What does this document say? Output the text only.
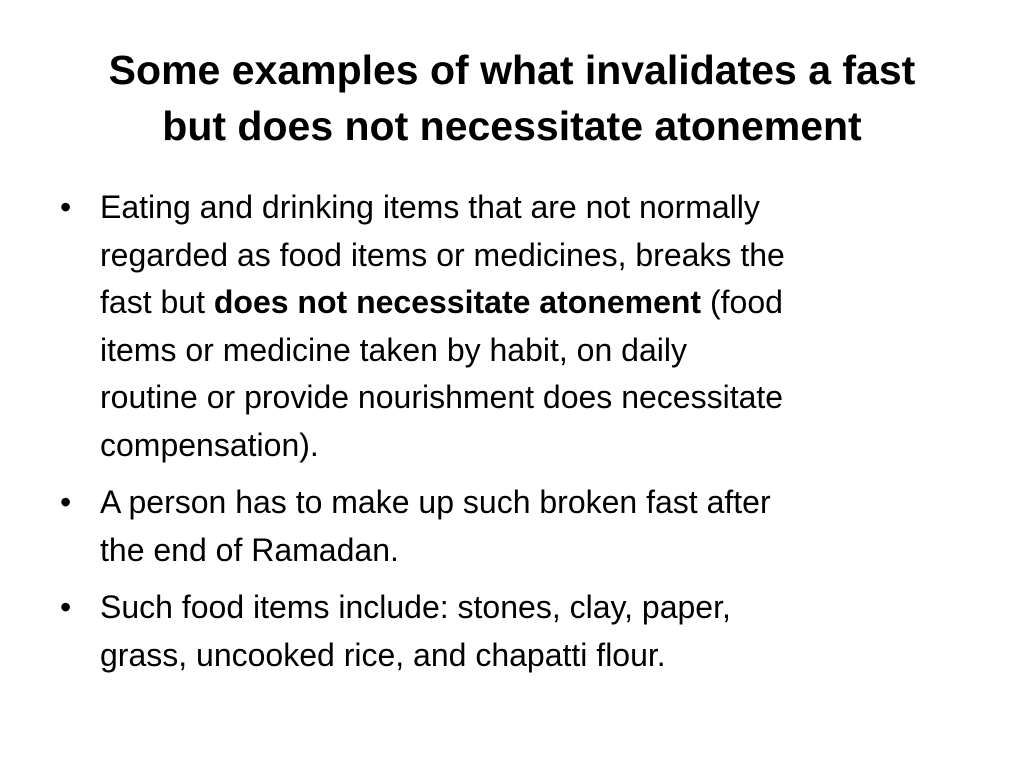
Some examples of what invalidates a fast
but does not necessitate atonement
• Eating and drinking items that are not normally
regarded as food items or medicines, breaks the
fast but does not necessitate atonement (food
items or medicine taken by habit, on daily
routine or provide nourishment does necessitate
compensation).
• A person has to make up such broken fast after
the end of Ramadan.
• Such food items include: stones, clay, paper,
grass, uncooked rice, and chapatti flour.
